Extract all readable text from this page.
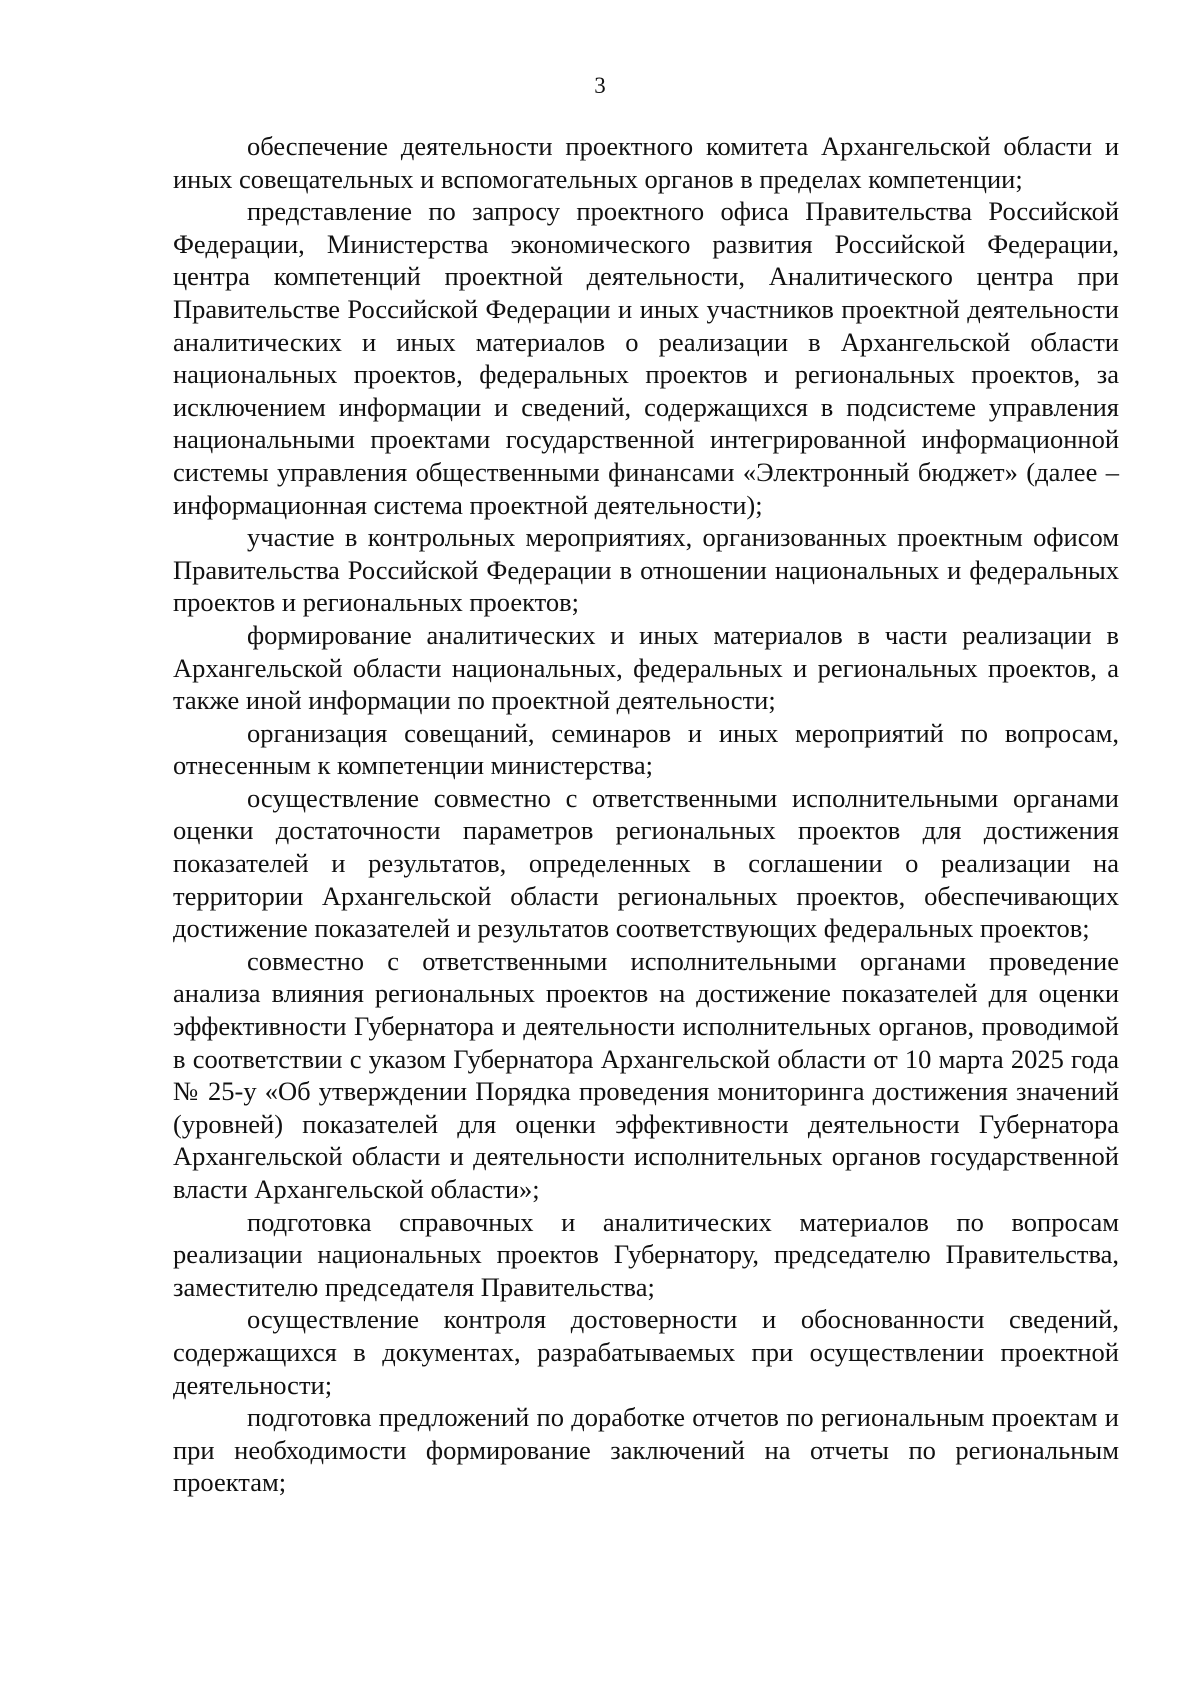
3

обеспечение деятельности проектного комитета Архангельской области и иных совещательных и вспомогательных органов в пределах компетенции;

представление по запросу проектного офиса Правительства Российской Федерации, Министерства экономического развития Российской Федерации, центра компетенций проектной деятельности, Аналитического центра при Правительстве Российской Федерации и иных участников проектной деятельности аналитических и иных материалов о реализации в Архангельской области национальных проектов, федеральных проектов и региональных проектов, за исключением информации и сведений, содержащихся в подсистеме управления национальными проектами государственной интегрированной информационной системы управления общественными финансами «Электронный бюджет» (далее – информационная система проектной деятельности);

участие в контрольных мероприятиях, организованных проектным офисом Правительства Российской Федерации в отношении национальных и федеральных проектов и региональных проектов;

формирование аналитических и иных материалов в части реализации в Архангельской области национальных, федеральных и региональных проектов, а также иной информации по проектной деятельности;

организация совещаний, семинаров и иных мероприятий по вопросам, отнесенным к компетенции министерства;

осуществление совместно с ответственными исполнительными органами оценки достаточности параметров региональных проектов для достижения показателей и результатов, определенных в соглашении о реализации на территории Архангельской области региональных проектов, обеспечивающих достижение показателей и результатов соответствующих федеральных проектов;

совместно с ответственными исполнительными органами проведение анализа влияния региональных проектов на достижение показателей для оценки эффективности Губернатора и деятельности исполнительных органов, проводимой в соответствии с указом Губернатора Архангельской области от 10 марта 2025 года № 25-у «Об утверждении Порядка проведения мониторинга достижения значений (уровней) показателей для оценки эффективности деятельности Губернатора Архангельской области и деятельности исполнительных органов государственной власти Архангельской области»;

подготовка справочных и аналитических материалов по вопросам реализации национальных проектов Губернатору, председателю Правительства, заместителю председателя Правительства;

осуществление контроля достоверности и обоснованности сведений, содержащихся в документах, разрабатываемых при осуществлении проектной деятельности;

подготовка предложений по доработке отчетов по региональным проектам и при необходимости формирование заключений на отчеты по региональным проектам;
